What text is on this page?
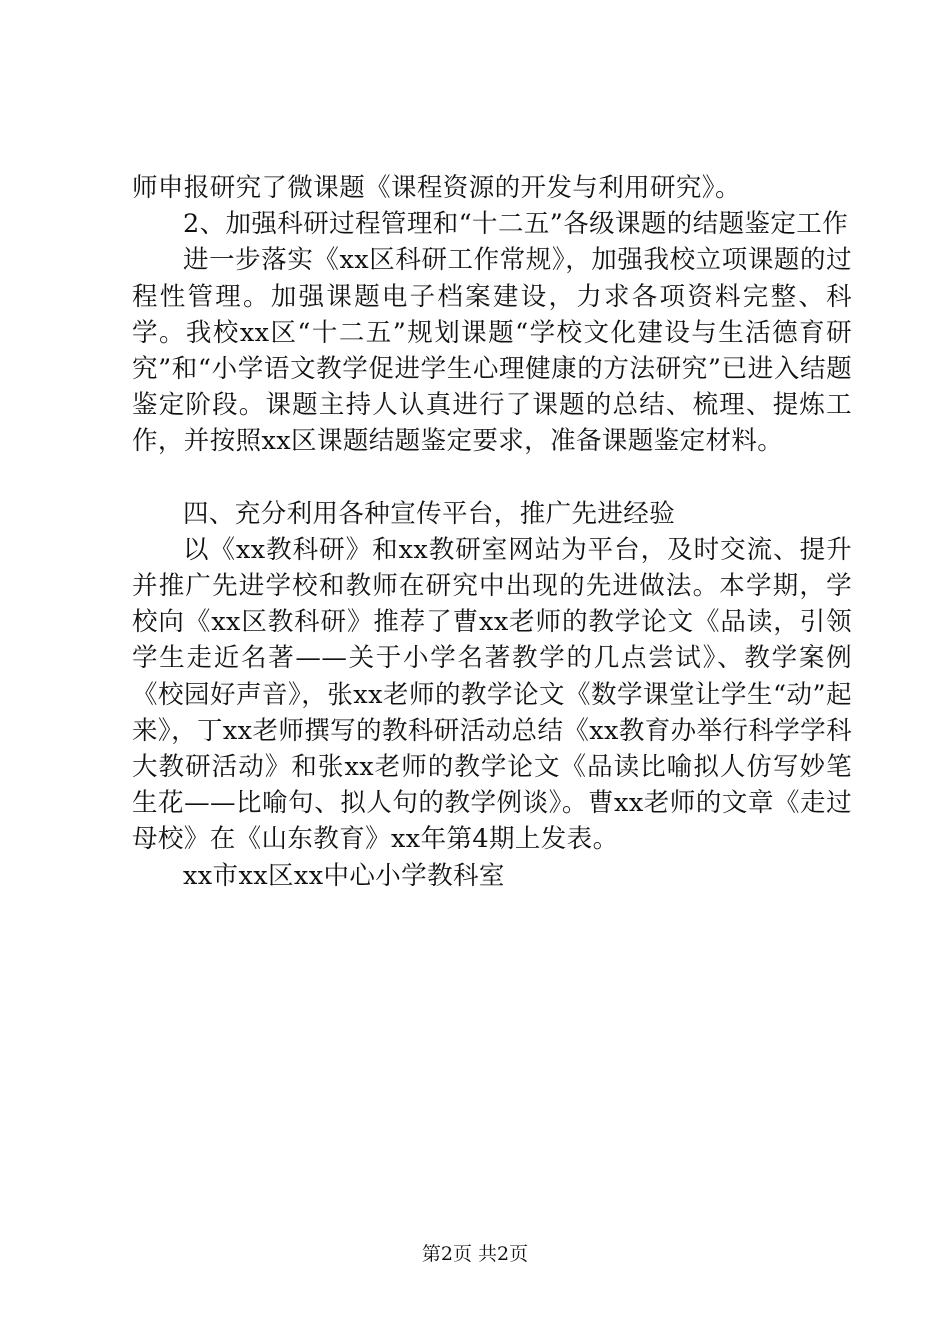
师申报研究了微课题《课程资源的开发与利用研究》。

2、加强科研过程管理和“十二五”各级课题的结题鉴定工作

进一步落实《xx区科研工作常规》，加强我校立项课题的过程性管理。加强课题电子档案建设，力求各项资料完整、科学。我校xx区“十二五”规划课题“学校文化建设与生活德育研究”和“小学语文教学促进学生心理健康的方法研究”已进入结题鉴定阶段。课题主持人认真进行了课题的总结、梳理、提炼工作，并按照xx区课题结题鉴定要求，准备课题鉴定材料。

四、充分利用各种宣传平台，推广先进经验

以《xx教科研》和xx教研室网站为平台，及时交流、提升并推广先进学校和教师在研究中出现的先进做法。本学期，学校向《xx区教科研》推荐了曹xx老师的教学论文《品读，引领学生走近名著——关于小学名著教学的几点尝试》、教学案例《校园好声音》，张xx老师的教学论文《数学课堂让学生“动”起来》，丁xx老师撰写的教科研活动总结《xx教育办举行科学学科大教研活动》和张xx老师的教学论文《品读比喻拟人仿写妙笔生花——比喻句、拟人句的教学例谈》。曹xx老师的文章《走过母校》在《山东教育》xx年第4期上发表。

xx市xx区xx中心小学教科室

第2页 共2页
